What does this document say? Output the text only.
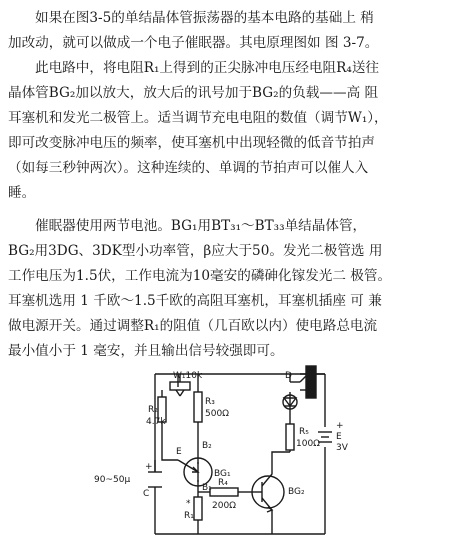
如果在图3-5的单结晶体管振荡器的基本电路的基础上 稍
加改动，就可以做成一个电子催眠器。其电原理图如 图 3-7。
此电路中，将电阻R₁上得到的正尖脉冲电压经电阻R₄送往
晶体管BG₂加以放大，放大后的讯号加于BG₂的负载——高 阻
耳塞机和发光二极管上。适当调节充电电阻的数值（调节W₁），
即可改变脉冲电压的频率，使耳塞机中出现轻微的低音节拍声
（如每三秒钟两次）。这种连续的、单调的节拍声可以催人入
睡。
催眠器使用两节电池。BG₁用BT₃₁～BT₃₃单结晶体管，
BG₂用3DG、3DK型小功率管，β应大于50。发光二极管选 用
工作电压为1.5伏，工作电流为10毫安的磷砷化镓发光二 极管。
耳塞机选用 1 千欧～1.5千欧的高阻耳塞机，耳塞机插座 可 兼
做电源开关。通过调整R₁的阻值（几百欧以内）使电路总电流
最小值小于 1 毫安，并且输出信号较强即可。
W₁10k
R₂
4.7k
R₃
500Ω
E
B₂
BG₁
B₁ R₄
200Ω
*
R₁
+
90~50μ
C	BG₂
D
R₅
100Ω
+
E
3V
